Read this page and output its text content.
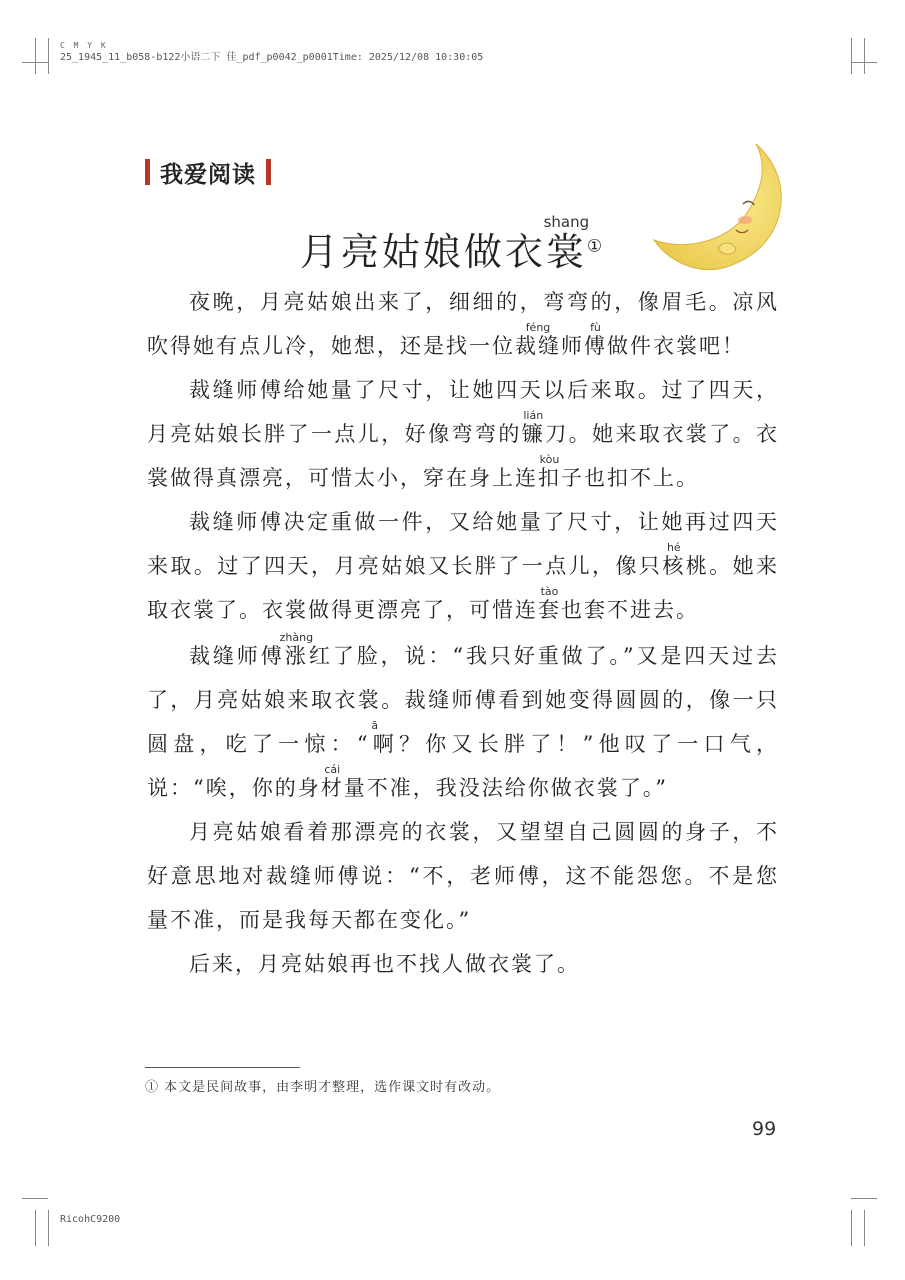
C M Y K
25_1945_11_b058-b122小语二下 佳_pdf_p0042_p0001Time: 2025/12/08 10:30:05
我爱阅读
月亮姑娘做衣裳shang①

夜晚，月亮姑娘出来了，细细的，弯弯的，像眉毛。凉风吹得她有点儿冷，她想，还是找一位裁缝féng师傅fù做件衣裳吧！

裁缝师傅给她量了尺寸，让她四天以后来取。过了四天，月亮姑娘长胖了一点儿，好像弯弯的镰lián刀。她来取衣裳了。衣裳做得真漂亮，可惜太小，穿在身上连扣kòu子也扣不上。

裁缝师傅决定重做一件，又给她量了尺寸，让她再过四天来取。过了四天，月亮姑娘又长胖了一点儿，像只核hé桃。她来取衣裳了。衣裳做得更漂亮了，可惜连套tào也套不进去。

裁缝师傅涨zhàng红了脸，说：“我只好重做了。”又是四天过去了，月亮姑娘来取衣裳。裁缝师傅看到她变得圆圆的，像一只圆盘，吃了一惊：“啊ā？你又长胖了！”他叹了一口气，说：“唉，你的身材cái量不准，我没法给你做衣裳了。”

月亮姑娘看着那漂亮的衣裳，又望望自己圆圆的身子，不好意思地对裁缝师傅说：“不，老师傅，这不能怨您。不是您量不准，而是我每天都在变化。”

后来，月亮姑娘再也不找人做衣裳了。

① 本文是民间故事，由李明才整理，选作课文时有改动。
99
RicohC9200
